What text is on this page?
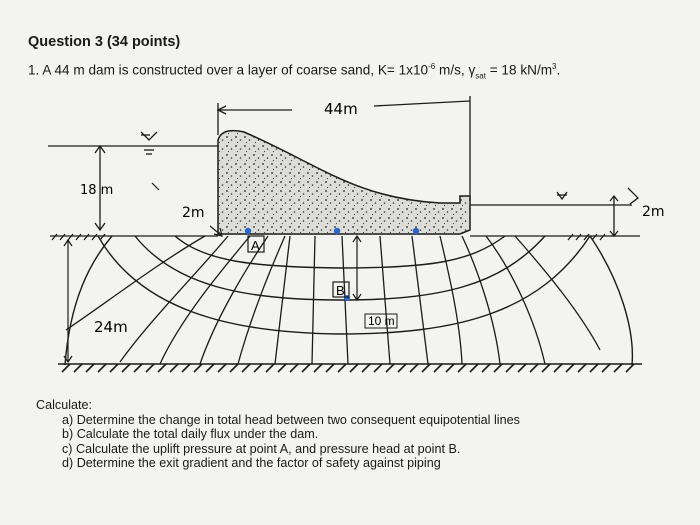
Question 3 (34 points)
1. A 44 m dam is constructed over a layer of coarse sand, $K= 1x10^{-6}$ m/s, $\gamma_{sat} = 18$ $kN/m^3$.
44m
18 m
2m	2m
A
B
10 m
24m
Calculate:
a) Determine the change in total head between two consequent equipotential lines
b) Calculate the total daily flux under the dam.
c) Calculate the uplift pressure at point A, and pressure head at point B.
d) Determine the exit gradient and the factor of safety against piping
